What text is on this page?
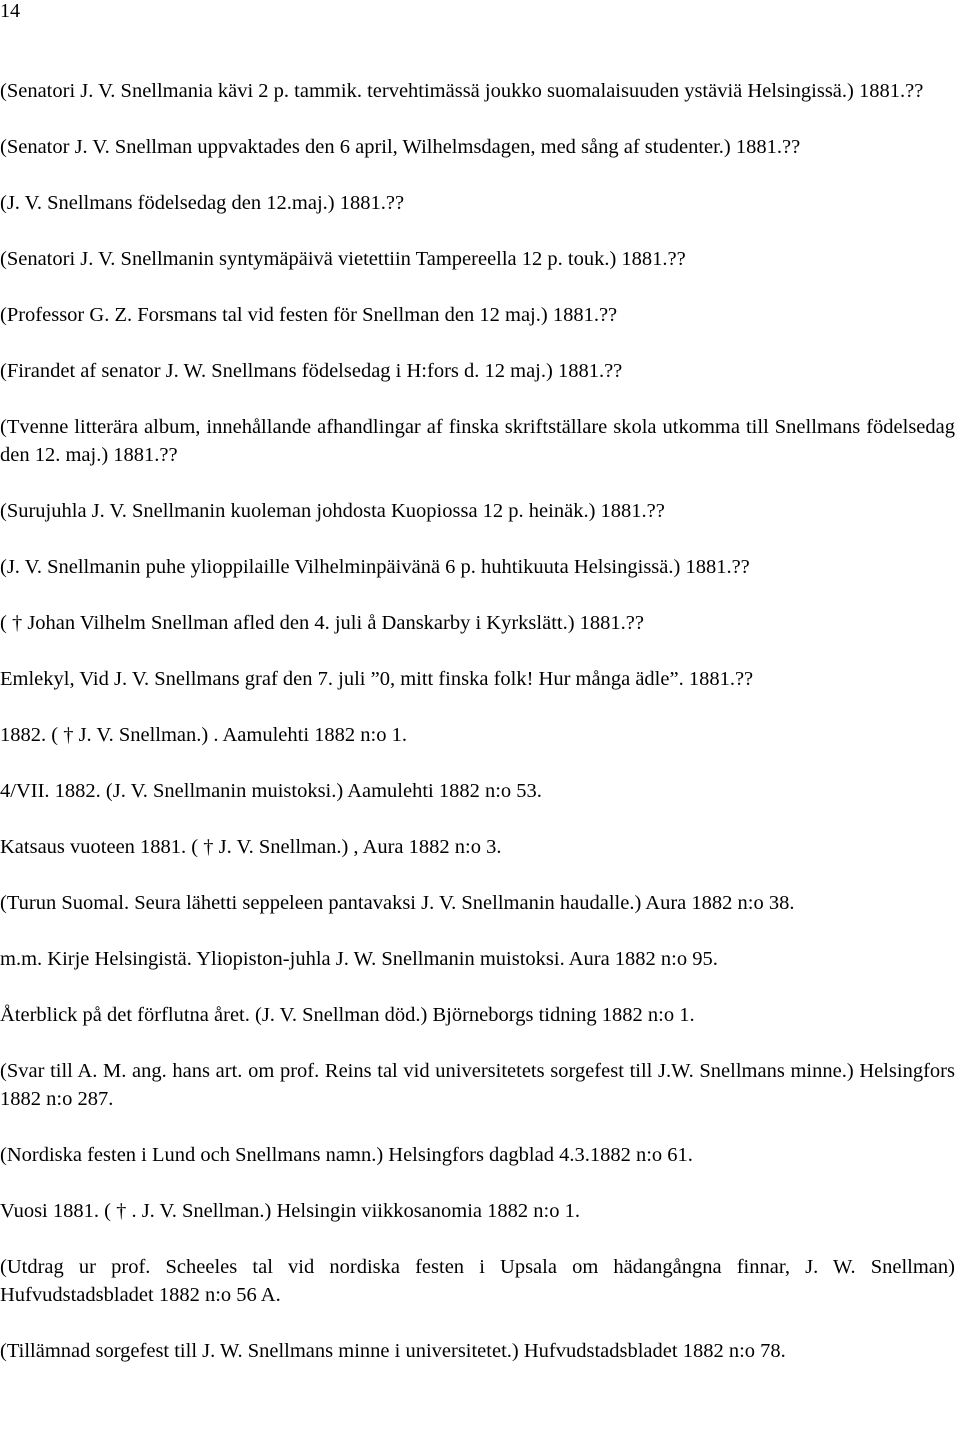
14

(Senatori J. V. Snellmania kävi 2 p. tammik. tervehtimässä joukko suomalaisuuden ystäviä Helsingissä.) 1881.??

(Senator J. V. Snellman uppvaktades den 6 april, Wilhelmsdagen, med sång af studenter.) 1881.??

(J. V. Snellmans födelsedag den 12.maj.) 1881.??

(Senatori J. V. Snellmanin syntymäpäivä vietettiin Tampereella 12 p. touk.) 1881.??

(Professor G. Z. Forsmans tal vid festen för Snellman den 12 maj.) 1881.??

(Firandet af senator J. W. Snellmans födelsedag i H:fors d. 12 maj.) 1881.??

(Tvenne litterära album, innehållande afhandlingar af finska skriftställare skola utkomma till Snellmans födelsedag den 12. maj.) 1881.??

(Surujuhla J. V. Snellmanin kuoleman johdosta Kuopiossa 12 p. heinäk.) 1881.??

(J. V. Snellmanin puhe ylioppilaille Vilhelminpäivänä 6 p. huhtikuuta Helsingissä.) 1881.??

( † Johan Vilhelm Snellman afled den 4. juli å Danskarby i Kyrkslätt.) 1881.??

Emlekyl, Vid J. V. Snellmans graf den 7. juli ”0, mitt finska folk! Hur många ädle”. 1881.??

1882. ( † J. V. Snellman.) . Aamulehti 1882 n:o 1.

4/VII. 1882. (J. V. Snellmanin muistoksi.) Aamulehti 1882 n:o 53.

Katsaus vuoteen 1881. ( † J. V. Snellman.) , Aura 1882 n:o 3.

(Turun Suomal. Seura lähetti seppeleen pantavaksi J. V. Snellmanin haudalle.) Aura 1882 n:o 38.

m.m. Kirje Helsingistä. Yliopiston-juhla J. W. Snellmanin muistoksi. Aura 1882 n:o 95.

Återblick på det förflutna året. (J. V. Snellman död.) Björneborgs tidning 1882 n:o 1.

(Svar till A. M. ang. hans art. om prof. Reins tal vid universitetets sorgefest till J.W. Snellmans minne.) Helsingfors 1882 n:o 287.

(Nordiska festen i Lund och Snellmans namn.) Helsingfors dagblad 4.3.1882 n:o 61.

Vuosi 1881. ( † . J. V. Snellman.) Helsingin viikkosanomia 1882 n:o 1.

(Utdrag ur prof. Scheeles tal vid nordiska festen i Upsala om hädangångna finnar, J. W. Snellman) Hufvudstadsbladet 1882 n:o 56 A.

(Tillämnad sorgefest till J. W. Snellmans minne i universitetet.) Hufvudstadsbladet 1882 n:o 78.
